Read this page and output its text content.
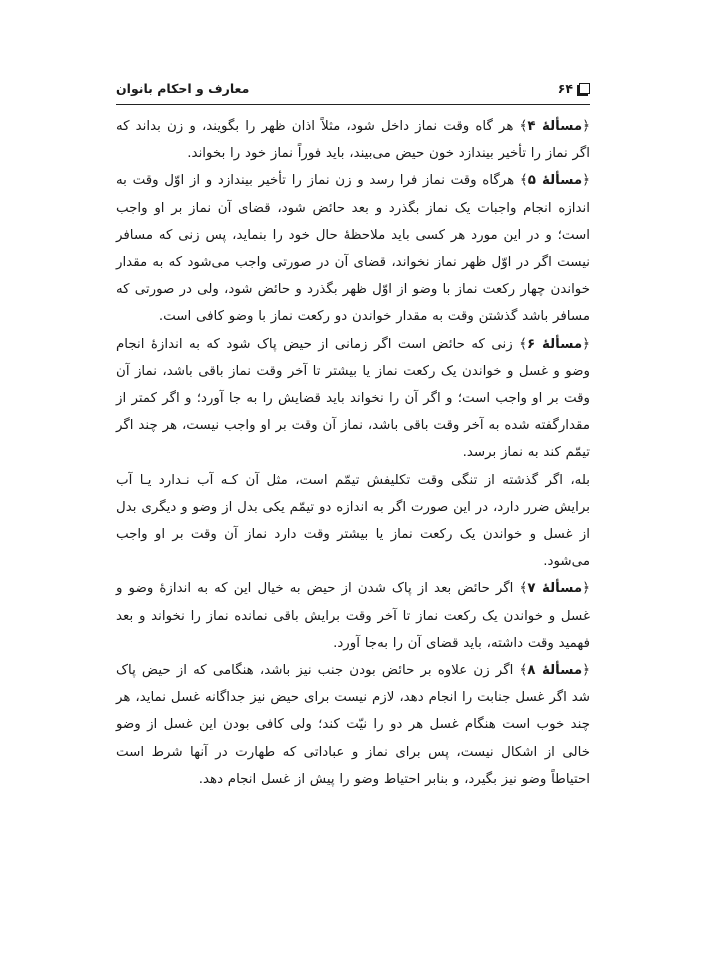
۶۴
معارف و احکام بانوان

﴿مسألهٔ ۴﴾ هر گاه وقت نماز داخل شود، مثلاً اذان ظهر را بگویند، و زن بداند که اگر نماز را تأخیر بیندازد خون حیض می‌بیند، باید فوراً نماز خود را بخواند.

﴿مسألهٔ ۵﴾ هرگاه وقت نماز فرا رسد و زن نماز را تأخیر بیندازد و از اوّل وقت به اندازه انجام واجبات یک نماز بگذرد و بعد حائض شود، قضای آن نماز بر او واجب است؛ و در این مورد هر کسی باید ملاحظهٔ حال خود را بنماید، پس زنی که مسافر نیست اگر در اوّل ظهر نماز نخواند، قضای آن در صورتی واجب می‌شود که به مقدار خواندن چهار رکعت نماز با وضو از اوّل ظهر بگذرد و حائض شود، ولی در صورتی که مسافر باشد گذشتن وقت به مقدار خواندن دو رکعت نماز با وضو کافی است.

﴿مسألهٔ ۶﴾ زنی که حائض است اگر زمانی از حیض پاک شود که به اندازهٔ انجام وضو و غسل و خواندن یک رکعت نماز یا بیشتر تا آخر وقت نماز باقی باشد، نماز آن وقت بر او واجب است؛ و اگر آن را نخواند باید قضایش را به جا آورد؛ و اگر کمتر از مقدارگفته شده به آخر وقت باقی باشد، نماز آن وقت بر او واجب نیست، هر چند اگر تیمّم کند به نماز برسد.

بله، اگر گذشته از تنگی وقت تکلیفش تیمّم است، مثل آن کـه آب نـدارد یـا آب برایش ضرر دارد، در این صورت اگر به اندازه دو تیمّم یکی بدل از وضو و دیگری بدل از غسل و خواندن یک رکعت نماز یا بیشتر وقت دارد نماز آن وقت بر او واجب می‌شود.

﴿مسألهٔ ۷﴾ اگر حائض بعد از پاک شدن از حیض به خیال این که به اندازهٔ وضو و غسل و خواندن یک رکعت نماز تا آخر وقت برایش باقی نمانده نماز را نخواند و بعد فهمید وقت داشته، باید قضای آن را به‌جا آورد.

﴿مسألهٔ ۸﴾ اگر زن علاوه بر حائض بودن جنب نیز باشد، هنگامی که از حیض پاک شد اگر غسل جنابت را انجام دهد، لازم نیست برای حیض نیز جداگانه غسل نماید، هر چند خوب است هنگام غسل هر دو را نیّت کند؛ ولی کافی بودن این غسل از وضو خالی از اشکال نیست، پس برای نماز و عباداتی که طهارت در آنها شرط است احتیاطاً وضو نیز بگیرد، و بنابر احتیاط وضو را پیش از غسل انجام دهد.
